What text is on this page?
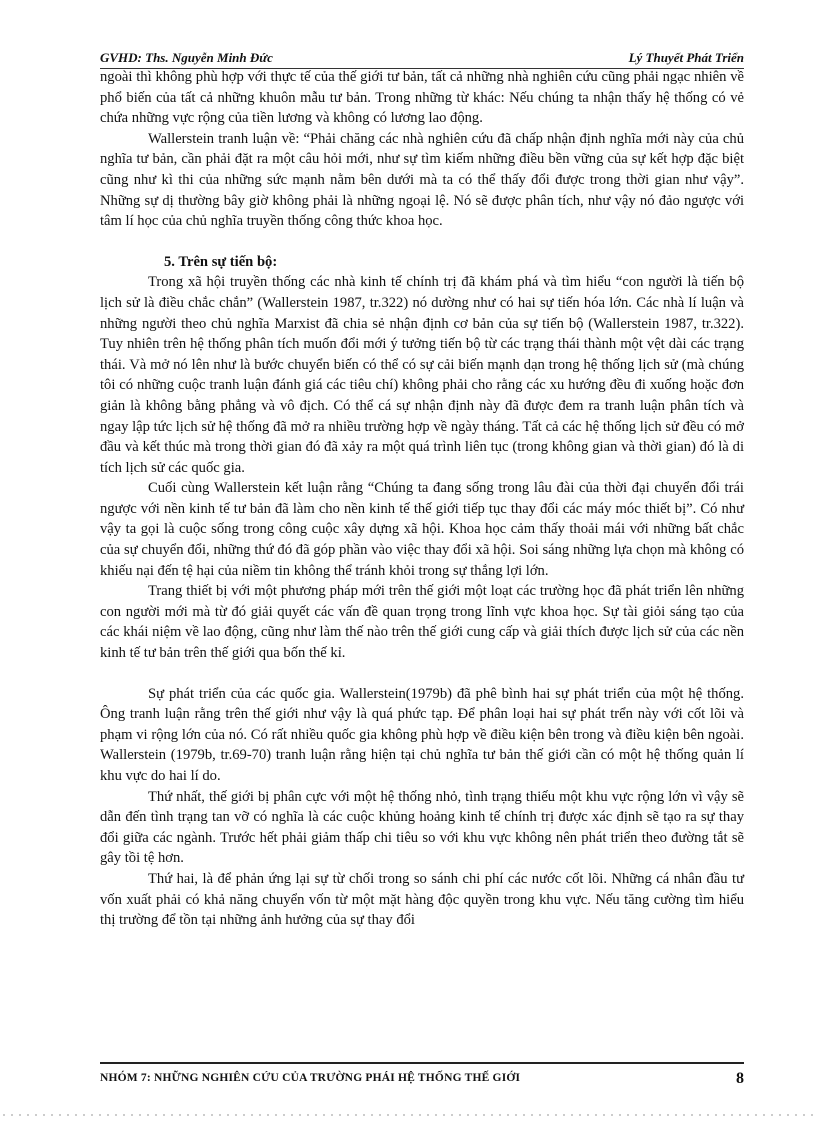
GVHD: Ths. Nguyễn Minh Đức	Lý Thuyết Phát Triển

ngoài thì không phù hợp với thực tế của thế giới tư bản, tất cả những nhà nghiên cứu cũng phải ngạc nhiên về phổ biến của tất cả những khuôn mẫu tư bản. Trong những từ khác: Nếu chúng ta nhận thấy hệ thống có vẻ chứa những vực rộng của tiền lương và không có lương lao động.

Wallerstein tranh luận về: “Phải chăng các nhà nghiên cứu đã chấp nhận định nghĩa mới này của chủ nghĩa tư bản, cần phải đặt ra một câu hỏi mới, như sự tìm kiếm những điều bền vững của sự kết hợp đặc biệt cũng như kì thi của những sức mạnh nằm bên dưới mà ta có thể thấy đổi được trong thời gian như vậy”. Những sự dị thường bây giờ không phải là những ngoại lệ. Nó sẽ được phân tích, như vậy nó đảo ngược với tâm lí học của chủ nghĩa truyền thống công thức khoa học.

5. Trên sự tiến bộ:

Trong xã hội truyền thống các nhà kinh tế chính trị đã khám phá và tìm hiểu “con người là tiến bộ lịch sử là điều chắc chắn” (Wallerstein 1987, tr.322) nó dường như có hai sự tiến hóa lớn. Các nhà lí luận và những người theo chủ nghĩa Marxist đã chia sẻ nhận định cơ bản của sự tiến bộ (Wallerstein 1987, tr.322). Tuy nhiên trên hệ thống phân tích muốn đổi mới ý tưởng tiến bộ từ các trạng thái thành một vệt dài các trạng thái. Và mở nó lên như là bước chuyển biến có thể có sự cải biến mạnh dạn trong hệ thống lịch sử (mà chúng tôi có những cuộc tranh luận đánh giá các tiêu chí) không phải cho rằng các xu hướng đều đi xuống hoặc đơn giản là không bằng phẳng và vô địch. Có thể cá sự nhận định này đã được đem ra tranh luận phân tích và ngay lập tức lịch sử hệ thống đã mở ra nhiều trường hợp về ngày tháng. Tất cả các hệ thống lịch sử đều có mở đầu và kết thúc mà trong thời gian đó đã xảy ra một quá trình liên tục (trong không gian và thời gian) đó là di tích lịch sử các quốc gia.

Cuối cùng Wallerstein kết luận rằng “Chúng ta đang sống trong lâu đài của thời đại chuyển đổi trái ngược với nền kinh tế tư bản đã làm cho nền kinh tế thế giới tiếp tục thay đổi các máy móc thiết bị”. Có như vậy ta gọi là cuộc sống trong công cuộc xây dựng xã hội. Khoa học cảm thấy thoải mái với những bất chắc của sự chuyển đổi, những thứ đó đã góp phần vào việc thay đổi xã hội. Soi sáng những lựa chọn mà không có khiếu nại đến tệ hại của niềm tin không thể tránh khỏi trong sự thắng lợi lớn.

Trang thiết bị với một phương pháp mới trên thế giới một loạt các trường học đã phát triển lên những con người mới mà từ đó giải quyết các vấn đề quan trọng trong lĩnh vực khoa học. Sự tài giỏi sáng tạo của các khái niệm về lao động, cũng như làm thế nào trên thế giới cung cấp và giải thích được lịch sử của các nền kinh tế tư bản trên thế giới qua bốn thế kỉ.

Sự phát triển của các quốc gia. Wallerstein(1979b) đã phê bình hai sự phát triển của một hệ thống. Ông tranh luận rằng trên thế giới như vậy là quá phức tạp. Để phân loại hai sự phát trển này với cốt lõi và phạm vi rộng lớn của nó. Có rất nhiều quốc gia không phù hợp về điều kiện bên trong và điều kiện bên ngoài. Wallerstein (1979b, tr.69-70) tranh luận rằng hiện tại chủ nghĩa tư bản thế giới cần có một hệ thống quản lí khu vực do hai lí do.

Thứ nhất, thế giới bị phân cực với một hệ thống nhỏ, tình trạng thiếu một khu vực rộng lớn vì vậy sẽ dẫn đến tình trạng tan vỡ có nghĩa là các cuộc khủng hoảng kinh tế chính trị được xác định sẽ tạo ra sự thay đổi giữa các ngành. Trước hết phải giảm thấp chi tiêu so với khu vực không nên phát triển theo đường tắt sẽ gây tồi tệ hơn.

Thứ hai, là để phản ứng lại sự từ chối trong so sánh chi phí các nước cốt lõi. Những cá nhân đầu tư vốn xuất phải có khả năng chuyển vốn từ một mặt hàng độc quyền trong khu vực. Nếu tăng cường tìm hiểu thị trường để tồn tại những ảnh hưởng của sự thay đổi

NHÓM 7: NHỮNG NGHIÊN CỨU CỦA TRƯỜNG PHÁI HỆ THỐNG THẾ GIỚI	8
